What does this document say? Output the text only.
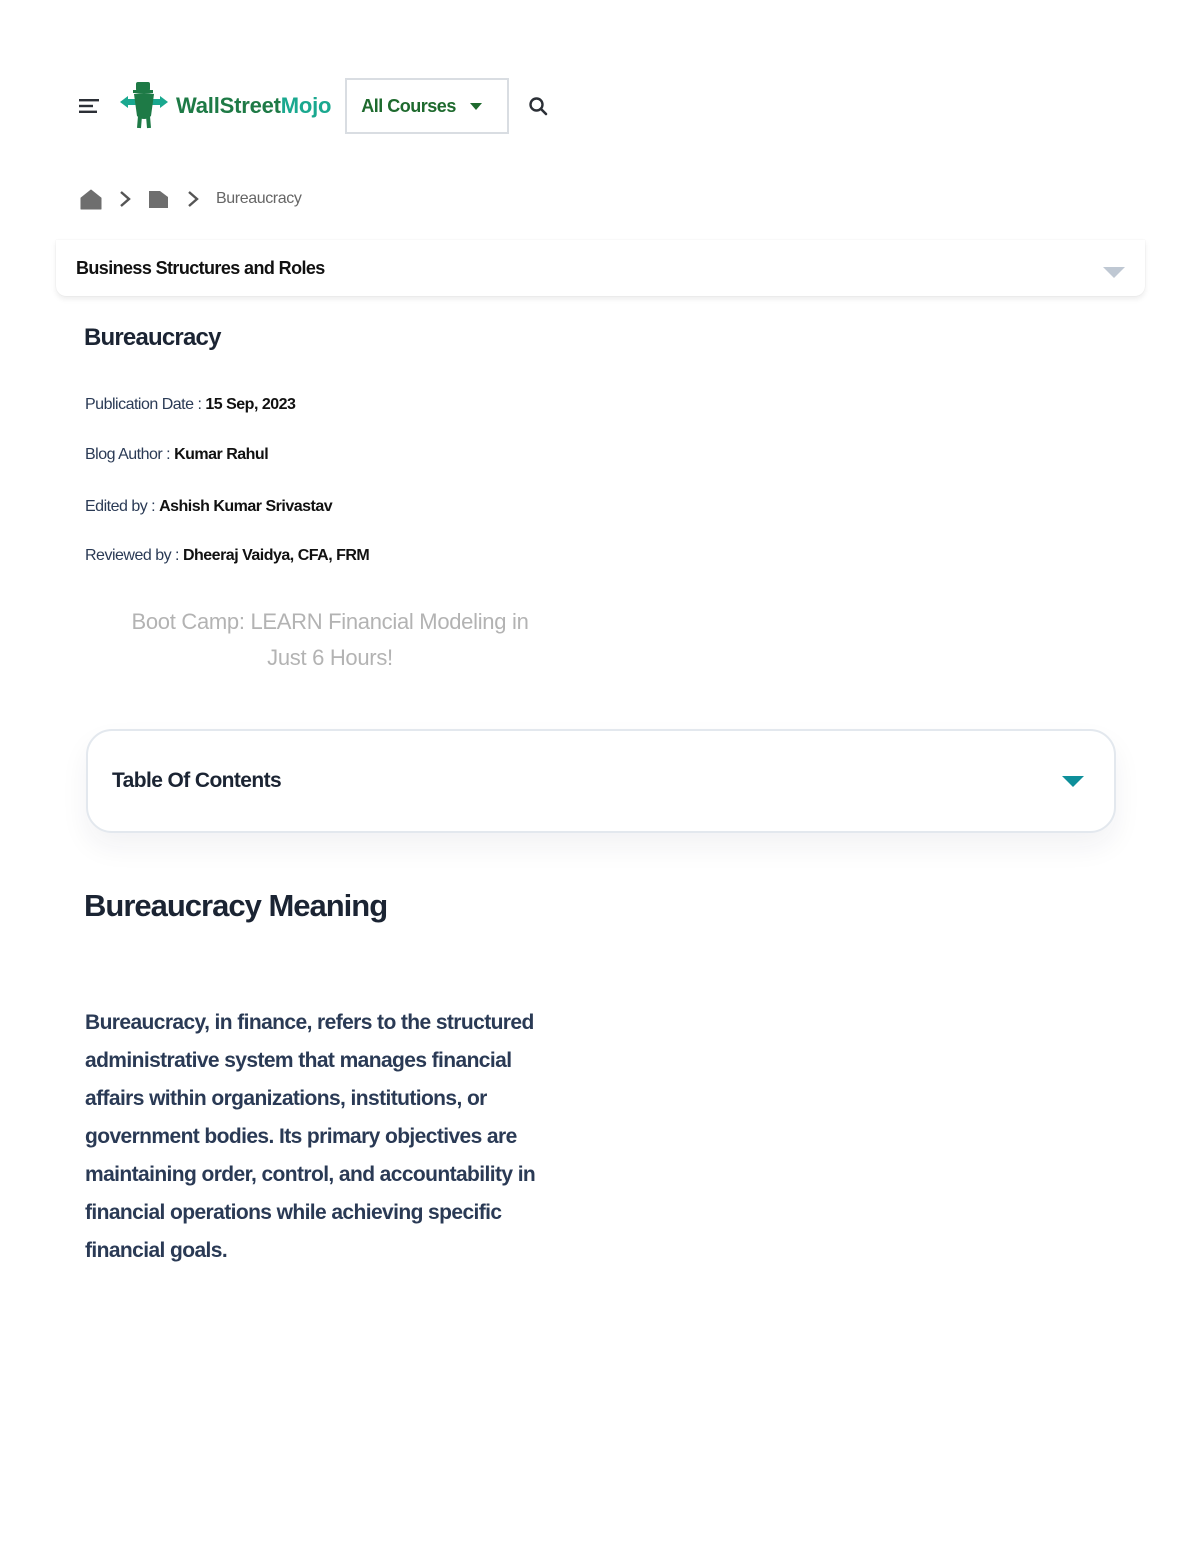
WallStreetMojo All Courses
Bureaucracy
Business Structures and Roles
Bureaucracy
Publication Date : 15 Sep, 2023
Blog Author : Kumar Rahul
Edited by : Ashish Kumar Srivastav
Reviewed by : Dheeraj Vaidya, CFA, FRM
Boot Camp: LEARN Financial Modeling in
Just 6 Hours!
Table Of Contents
Bureaucracy Meaning

Bureaucracy, in finance, refers to the structured administrative system that manages financial affairs within organizations, institutions, or government bodies. Its primary objectives are maintaining order, control, and accountability in financial operations while achieving specific financial goals.
